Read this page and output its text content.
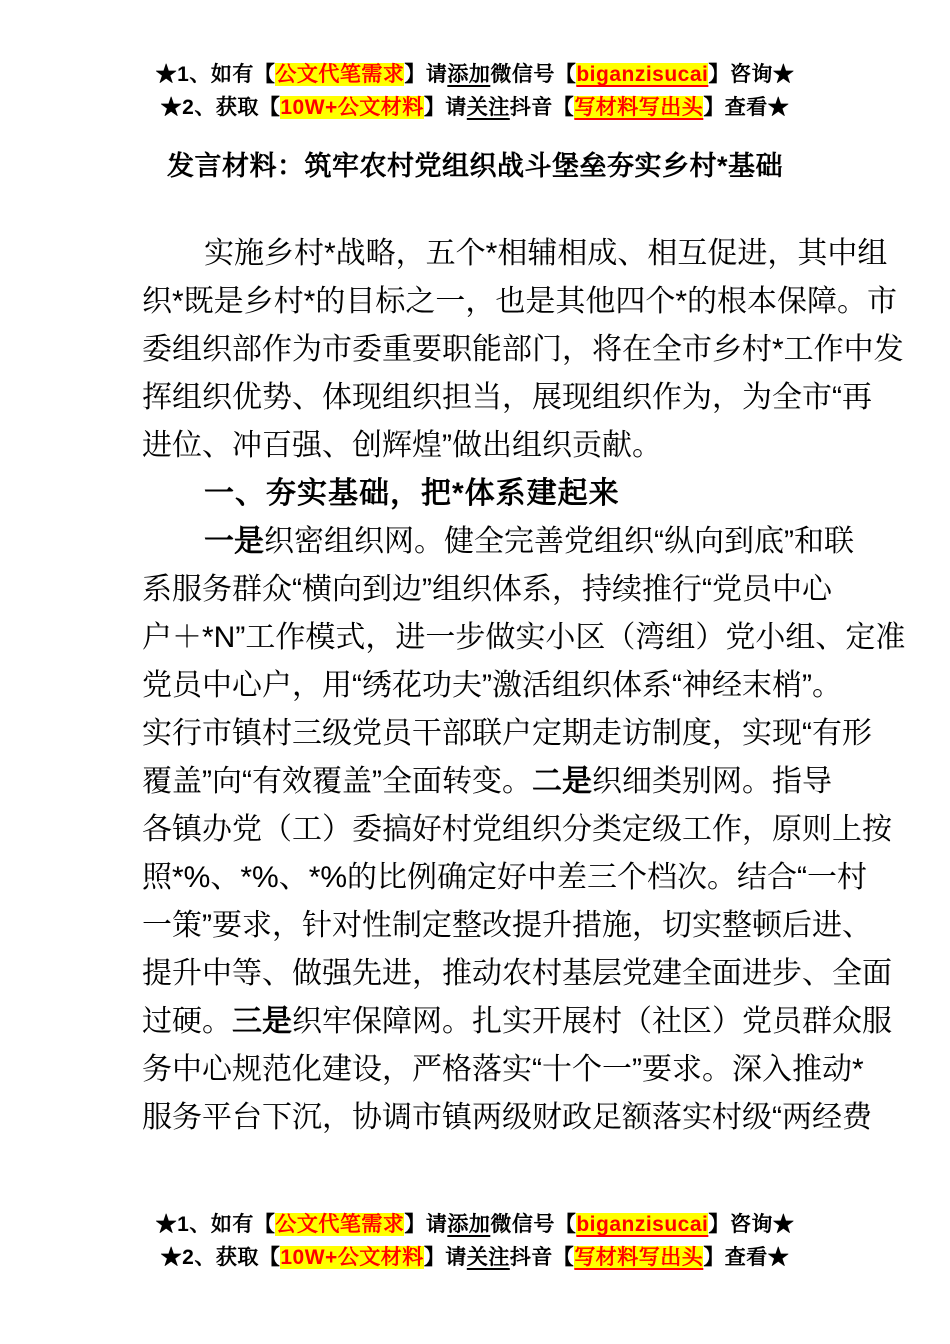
★1、如有【公文代笔需求】请添加微信号【biganzisucai】咨询★
★2、获取【10W+公文材料】请关注抖音【写材料写出头】查看★
发言材料：筑牢农村党组织战斗堡垒夯实乡村*基础
实施乡村*战略，五个*相辅相成、相互促进，其中组
织*既是乡村*的目标之一，也是其他四个*的根本保障。市
委组织部作为市委重要职能部门，将在全市乡村*工作中发
挥组织优势、体现组织担当，展现组织作为，为全市“再
进位、冲百强、创辉煌”做出组织贡献。
一、夯实基础，把*体系建起来
一是织密组织网。健全完善党组织“纵向到底”和联
系服务群众“横向到边”组织体系，持续推行“党员中心
户＋*N”工作模式，进一步做实小区（湾组）党小组、定准
党员中心户，用“绣花功夫”激活组织体系“神经末梢”。
实行市镇村三级党员干部联户定期走访制度，实现“有形
覆盖”向“有效覆盖”全面转变。二是织细类别网。指导
各镇办党（工）委搞好村党组织分类定级工作，原则上按
照*%、*%、*%的比例确定好中差三个档次。结合“一村
一策”要求，针对性制定整改提升措施，切实整顿后进、
提升中等、做强先进，推动农村基层党建全面进步、全面
过硬。三是织牢保障网。扎实开展村（社区）党员群众服
务中心规范化建设，严格落实“十个一”要求。深入推动*
服务平台下沉，协调市镇两级财政足额落实村级“两经费
★1、如有【公文代笔需求】请添加微信号【biganzisucai】咨询★
★2、获取【10W+公文材料】请关注抖音【写材料写出头】查看★
